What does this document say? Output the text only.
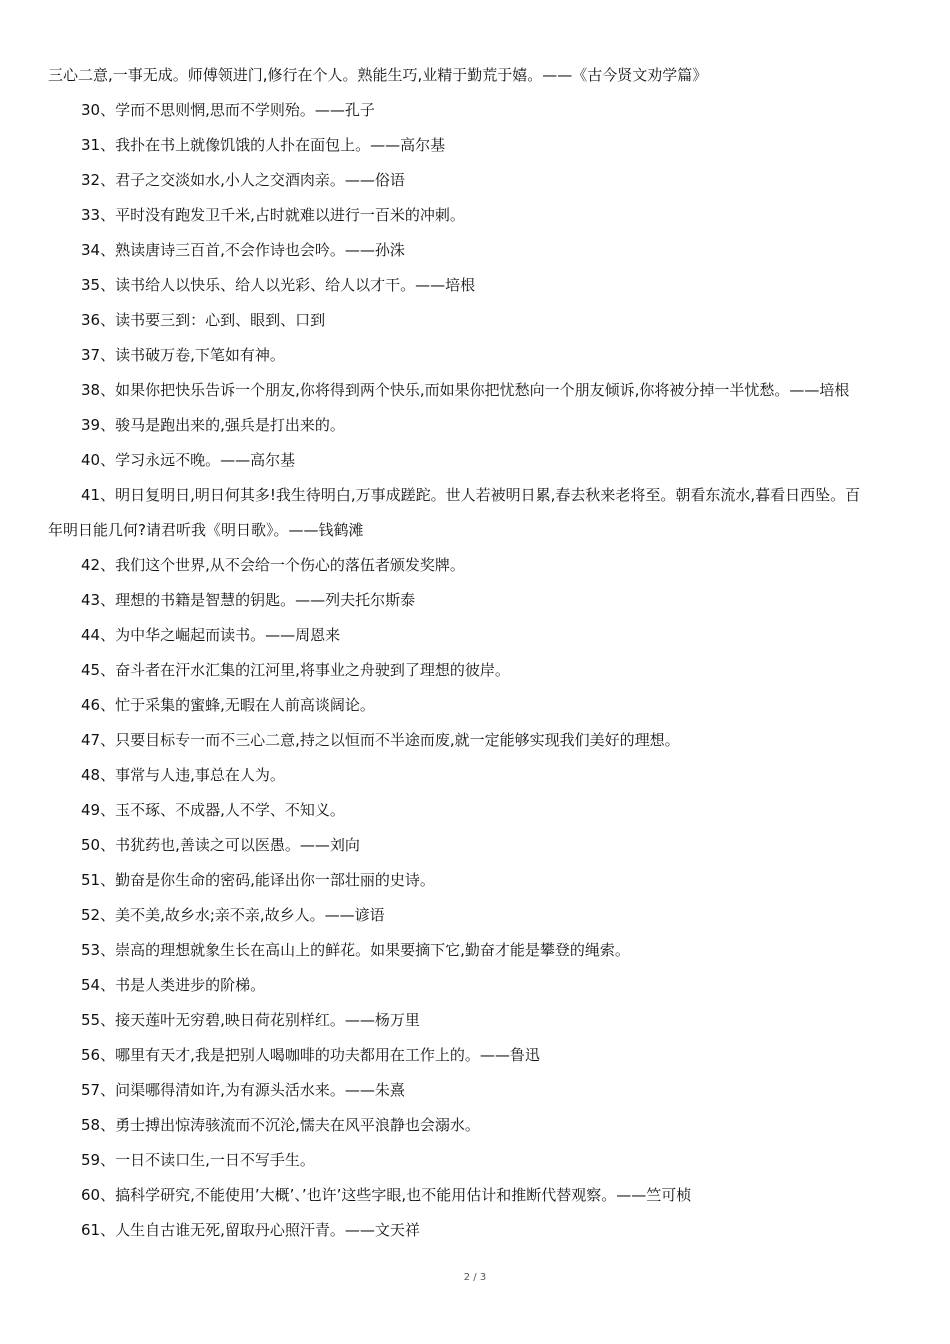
三心二意,一事无成。师傅领进门,修行在个人。熟能生巧,业精于勤荒于嬉。——《古今贤文劝学篇》
30、学而不思则惘,思而不学则殆。——孔子
31、我扑在书上就像饥饿的人扑在面包上。——高尔基
32、君子之交淡如水,小人之交酒肉亲。——俗语
33、平时没有跑发卫千米,占时就难以进行一百米的冲刺。
34、熟读唐诗三百首,不会作诗也会吟。——孙洙
35、读书给人以快乐、给人以光彩、给人以才干。——培根
36、读书要三到：心到、眼到、口到
37、读书破万卷,下笔如有神。
38、如果你把快乐告诉一个朋友,你将得到两个快乐,而如果你把忧愁向一个朋友倾诉,你将被分掉一半忧愁。——培根
39、骏马是跑出来的,强兵是打出来的。
40、学习永远不晚。——高尔基
41、明日复明日,明日何其多!我生待明白,万事成蹉跎。世人若被明日累,春去秋来老将至。朝看东流水,暮看日西坠。百
年明日能几何?请君听我《明日歌》。——钱鹤滩
42、我们这个世界,从不会给一个伤心的落伍者颁发奖牌。
43、理想的书籍是智慧的钥匙。——列夫托尔斯泰
44、为中华之崛起而读书。——周恩来
45、奋斗者在汗水汇集的江河里,将事业之舟驶到了理想的彼岸。
46、忙于采集的蜜蜂,无暇在人前高谈阔论。
47、只要目标专一而不三心二意,持之以恒而不半途而废,就一定能够实现我们美好的理想。
48、事常与人违,事总在人为。
49、玉不琢、不成器,人不学、不知义。
50、书犹药也,善读之可以医愚。——刘向
51、勤奋是你生命的密码,能译出你一部壮丽的史诗。
52、美不美,故乡水;亲不亲,故乡人。——谚语
53、崇高的理想就象生长在高山上的鲜花。如果要摘下它,勤奋才能是攀登的绳索。
54、书是人类进步的阶梯。
55、接天莲叶无穷碧,映日荷花别样红。——杨万里
56、哪里有天才,我是把别人喝咖啡的功夫都用在工作上的。——鲁迅
57、问渠哪得清如许,为有源头活水来。——朱熹
58、勇士搏出惊涛骇流而不沉沦,懦夫在风平浪静也会溺水。
59、一日不读口生,一日不写手生。
60、搞科学研究,不能使用’大概’、’也许’这些字眼,也不能用估计和推断代替观察。——竺可桢
61、人生自古谁无死,留取丹心照汗青。——文天祥
2 / 3
